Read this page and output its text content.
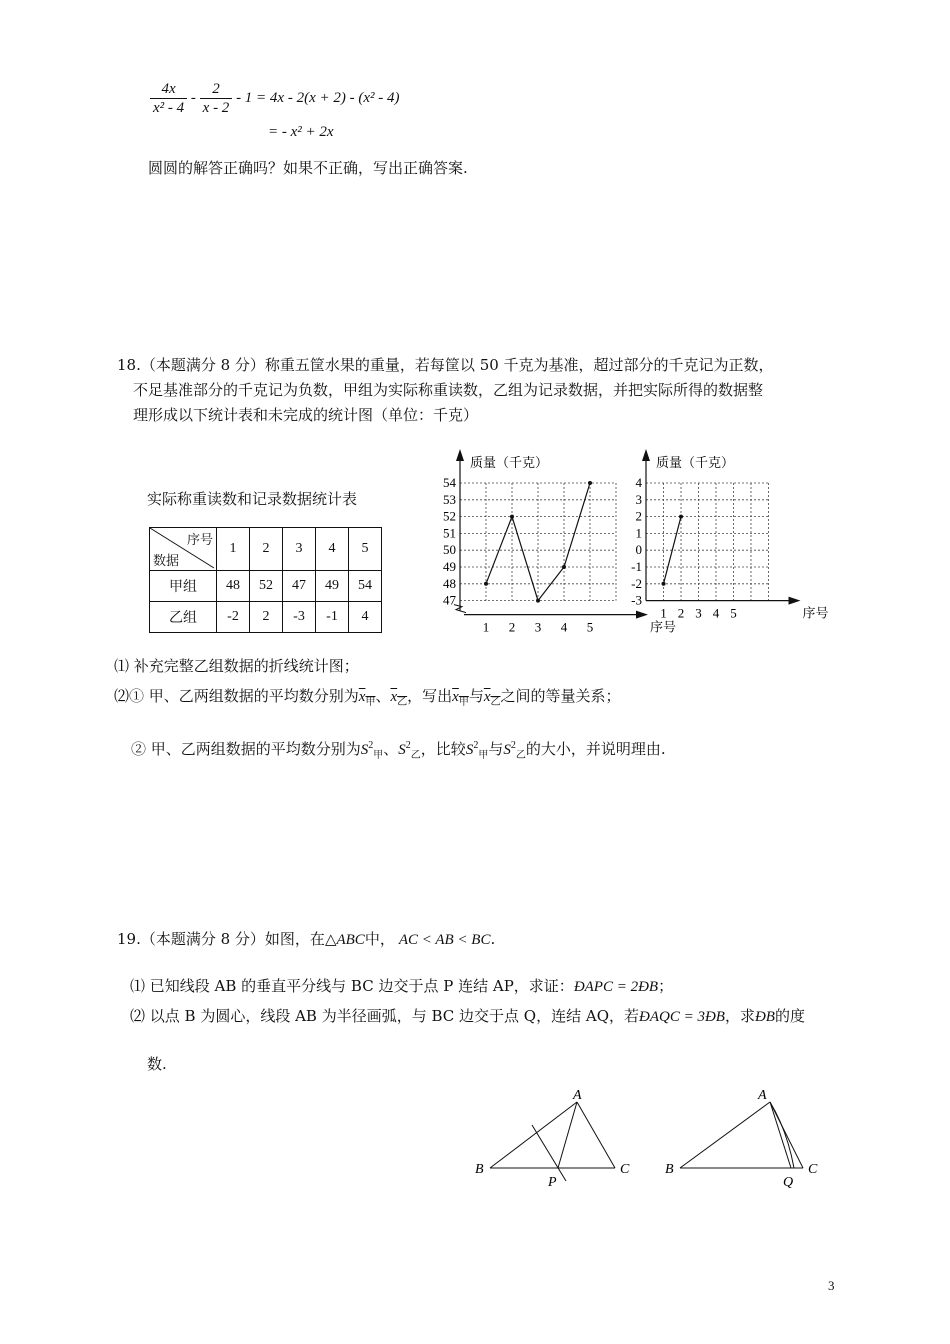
$\frac{4x}{\text{x² - 4}} - \frac{2}{x - 2} - 1 = 4x - 2(x + 2) - (x^2 - 4)$
= - x² + 2x
圆圆的解答正确吗？如果不正确，写出正确答案.
18.（本题满分 8 分）称重五筐水果的重量，若每筐以 50 千克为基准，超过部分的千克记为正数，
不足基准部分的千克记为负数，甲组为实际称重读数，乙组为记录数据，并把实际所得的数据整
理形成以下统计表和未完成的统计图（单位：千克）
实际称重读数和记录数据统计表
序号
数据	1	2	3	4	5
甲组	48	52	47	49	54
乙组	-2	2	-3	-1	4
47
48
49
50
51
52
53
54
1 2 3 4 5
质量（千克）
序号
-3
-2
-1
0
1
2
3
4
1 2 3 4 5
质量（千克）
序号
⑴ 补充完整乙组数据的折线统计图；
⑵① 甲、乙两组数据的平均数分别为$x_甲$、$x_乙$，写出$x_甲$与$x_乙$之间的等量关系；
② 甲、乙两组数据的平均数分别为$S^2_甲$、$S^2_乙$，比较$S^2_甲$与$S^2_乙$的大小，并说明理由.
19.（本题满分 8 分）如图，在△ABC中， AC < AB < BC.
⑴ 已知线段 AB 的垂直平分线与 BC 边交于点 P 连结 AP，求证：ÐAPC = 2ÐB；
⑵ 以点 B 为圆心，线段 AB 为半径画弧，与 BC 边交于点 Q，连结 AQ，若ÐAQC = 3ÐB，求ÐB的度
数.
A
B	C
P
A
B	C
Q
3
